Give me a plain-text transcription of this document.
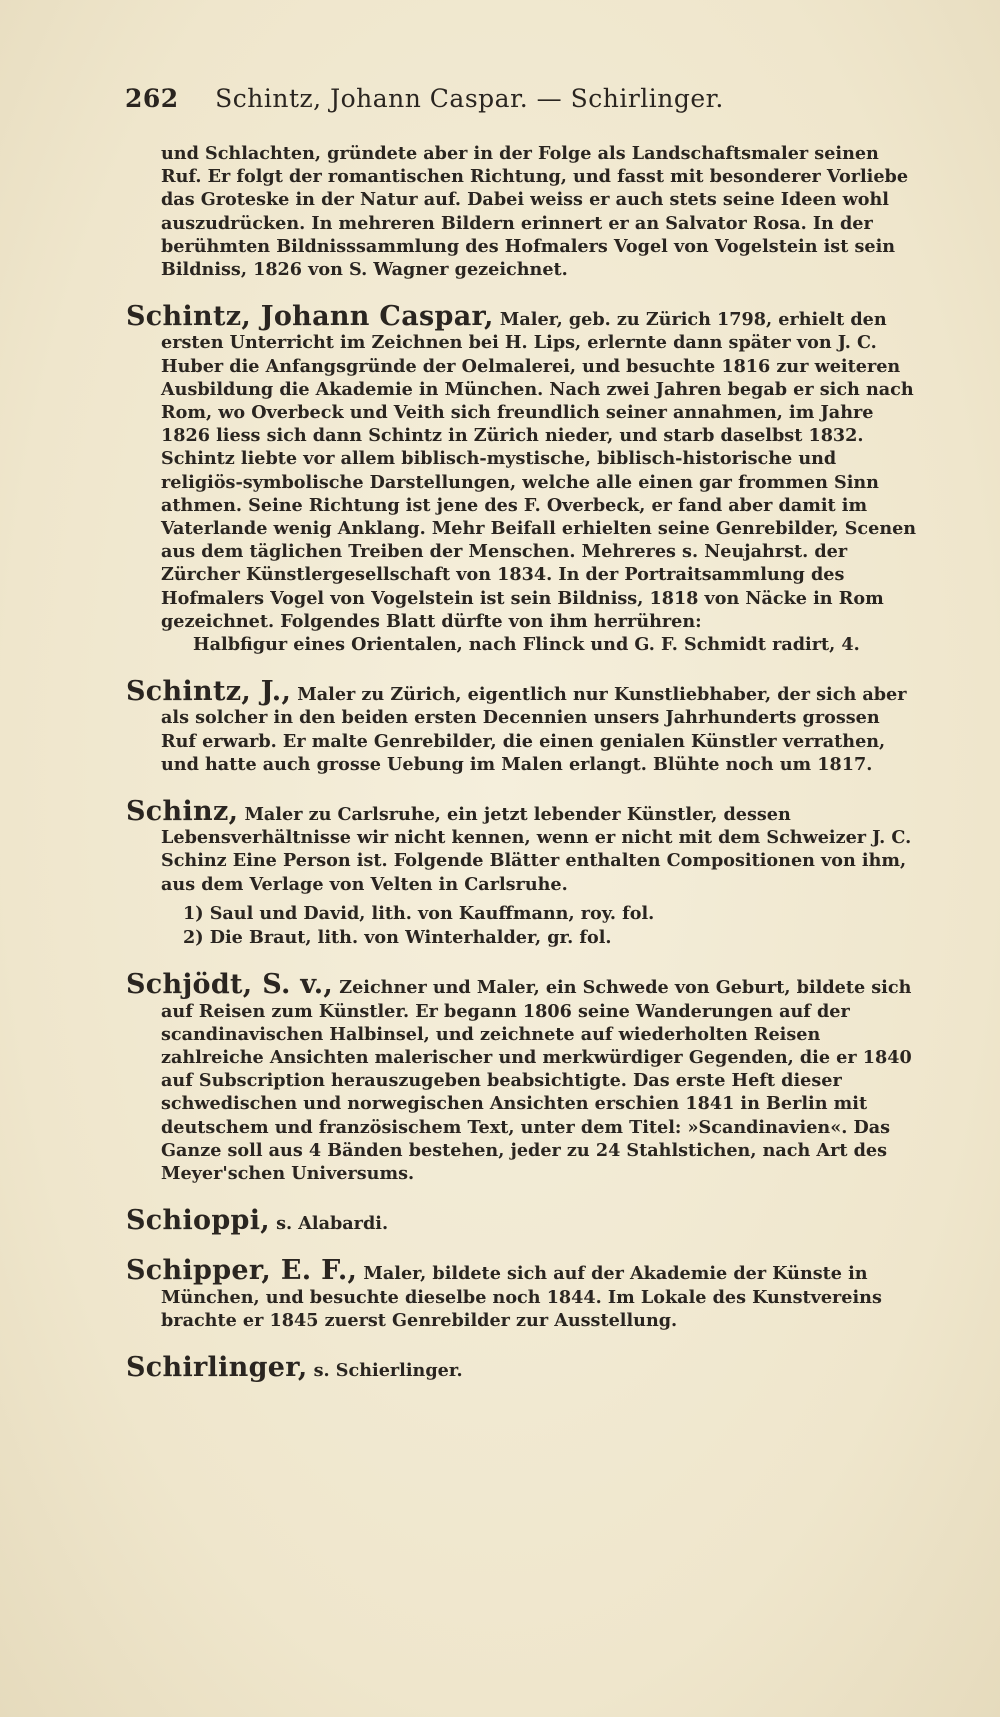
262 Schintz, Johann Caspar. — Schirlinger.
und Schlachten, gründete aber in der Folge als Landschaftsmaler seinen Ruf. Er folgt der romantischen Richtung, und fasst mit besonderer Vorliebe das Groteske in der Natur auf. Dabei weiss er auch stets seine Ideen wohl auszudrücken. In mehreren Bildern erinnert er an Salvator Rosa. In der berühmten Bildnisssammlung des Hofmalers Vogel von Vogelstein ist sein Bildniss, 1826 von S. Wagner gezeichnet.
Schintz, Johann Caspar, Maler, geb. zu Zürich 1798, erhielt den ersten Unterricht im Zeichnen bei H. Lips, erlernte dann später von J. C. Huber die Anfangsgründe der Oelmalerei, und besuchte 1816 zur weiteren Ausbildung die Akademie in München. Nach zwei Jahren begab er sich nach Rom, wo Overbeck und Veith sich freundlich seiner annahmen, im Jahre 1826 liess sich dann Schintz in Zürich nieder, und starb daselbst 1832. Schintz liebte vor allem biblisch-mystische, biblisch-historische und religiös-symbolische Darstellungen, welche alle einen gar frommen Sinn athmen. Seine Richtung ist jene des F. Overbeck, er fand aber damit im Vaterlande wenig Anklang. Mehr Beifall erhielten seine Genrebilder, Scenen aus dem täglichen Treiben der Menschen. Mehreres s. Neujahrst. der Zürcher Künstlergesellschaft von 1834. In der Portraitsammlung des Hofmalers Vogel von Vogelstein ist sein Bildniss, 1818 von Näcke in Rom gezeichnet. Folgendes Blatt dürfte von ihm herrühren:
Halbfigur eines Orientalen, nach Flinck und G. F. Schmidt radirt, 4.
Schintz, J., Maler zu Zürich, eigentlich nur Kunstliebhaber, der sich aber als solcher in den beiden ersten Decennien unsers Jahrhunderts grossen Ruf erwarb. Er malte Genrebilder, die einen genialen Künstler verrathen, und hatte auch grosse Uebung im Malen erlangt. Blühte noch um 1817.
Schinz, Maler zu Carlsruhe, ein jetzt lebender Künstler, dessen Lebensverhältnisse wir nicht kennen, wenn er nicht mit dem Schweizer J. C. Schinz Eine Person ist. Folgende Blätter enthalten Compositionen von ihm, aus dem Verlage von Velten in Carlsruhe.
1) Saul und David, lith. von Kauffmann, roy. fol.
2) Die Braut, lith. von Winterhalder, gr. fol.
Schjödt, S. v., Zeichner und Maler, ein Schwede von Geburt, bildete sich auf Reisen zum Künstler. Er begann 1806 seine Wanderungen auf der scandinavischen Halbinsel, und zeichnete auf wiederholten Reisen zahlreiche Ansichten malerischer und merkwürdiger Gegenden, die er 1840 auf Subscription herauszugeben beabsichtigte. Das erste Heft dieser schwedischen und norwegischen Ansichten erschien 1841 in Berlin mit deutschem und französischem Text, unter dem Titel: »Scandinavien«. Das Ganze soll aus 4 Bänden bestehen, jeder zu 24 Stahlstichen, nach Art des Meyer'schen Universums.
Schioppi, s. Alabardi.
Schipper, E. F., Maler, bildete sich auf der Akademie der Künste in München, und besuchte dieselbe noch 1844. Im Lokale des Kunstvereins brachte er 1845 zuerst Genrebilder zur Ausstellung.
Schirlinger, s. Schierlinger.
